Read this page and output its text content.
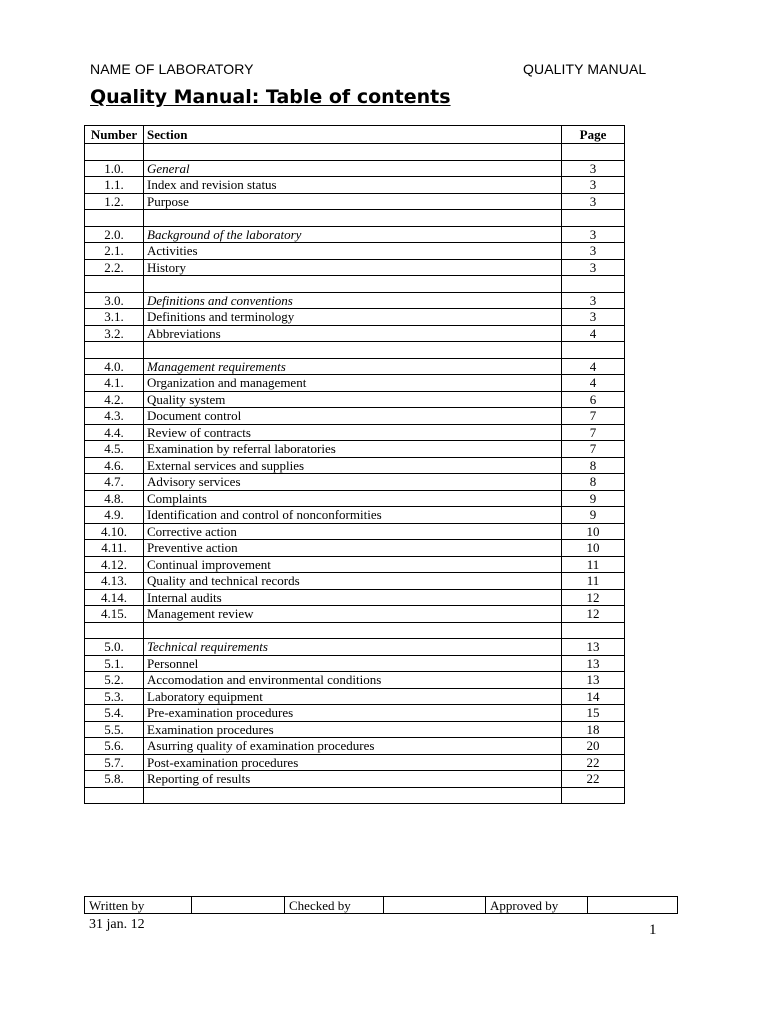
NAME OF LABORATORY	QUALITY MANUAL
Quality Manual: Table of contents
Number	Section	Page

1.0.	General	3
1.1.	Index and revision status	3
1.2.	Purpose	3

2.0.	Background of the laboratory	3
2.1.	Activities	3
2.2.	History	3

3.0.	Definitions and conventions	3
3.1.	Definitions and terminology	3
3.2.	Abbreviations	4

4.0.	Management requirements	4
4.1.	Organization and management	4
4.2.	Quality system	6
4.3.	Document control	7
4.4.	Review of contracts	7
4.5.	Examination by referral laboratories	7
4.6.	External services and supplies	8
4.7.	Advisory services	8
4.8.	Complaints	9
4.9.	Identification and control of nonconformities	9
4.10.	Corrective action	10
4.11.	Preventive action	10
4.12.	Continual improvement	11
4.13.	Quality and technical records	11
4.14.	Internal audits	12
4.15.	Management review	12

5.0.	Technical requirements	13
5.1.	Personnel	13
5.2.	Accomodation and environmental conditions	13
5.3.	Laboratory equipment	14
5.4.	Pre-examination procedures	15
5.5.	Examination procedures	18
5.6.	Asurring quality of examination procedures	20
5.7.	Post-examination procedures	22
5.8.	Reporting of results	22

Written by		Checked by		Approved by	
31 jan. 12	1
